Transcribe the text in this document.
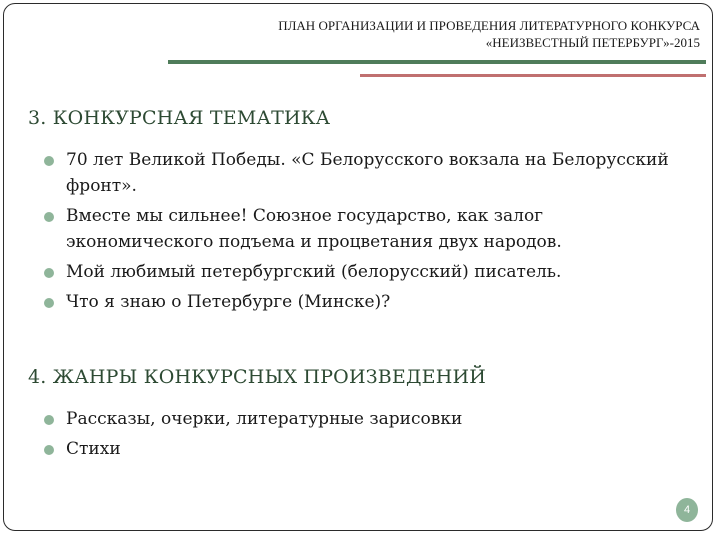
ПЛАН ОРГАНИЗАЦИИ И ПРОВЕДЕНИЯ ЛИТЕРАТУРНОГО КОНКУРСА
«НЕИЗВЕСТНЫЙ ПЕТЕРБУРГ»-2015
3. КОНКУРСНАЯ ТЕМАТИКА
70 лет Великой Победы. «С Белорусского вокзала на Белорусский фронт».
Вместе мы сильнее! Союзное государство, как залог экономического подъема и процветания двух народов.
Мой любимый петербургский (белорусский) писатель.
Что я знаю о Петербурге (Минске)?
4. ЖАНРЫ КОНКУРСНЫХ ПРОИЗВЕДЕНИЙ
Рассказы, очерки, литературные зарисовки
Стихи
4
